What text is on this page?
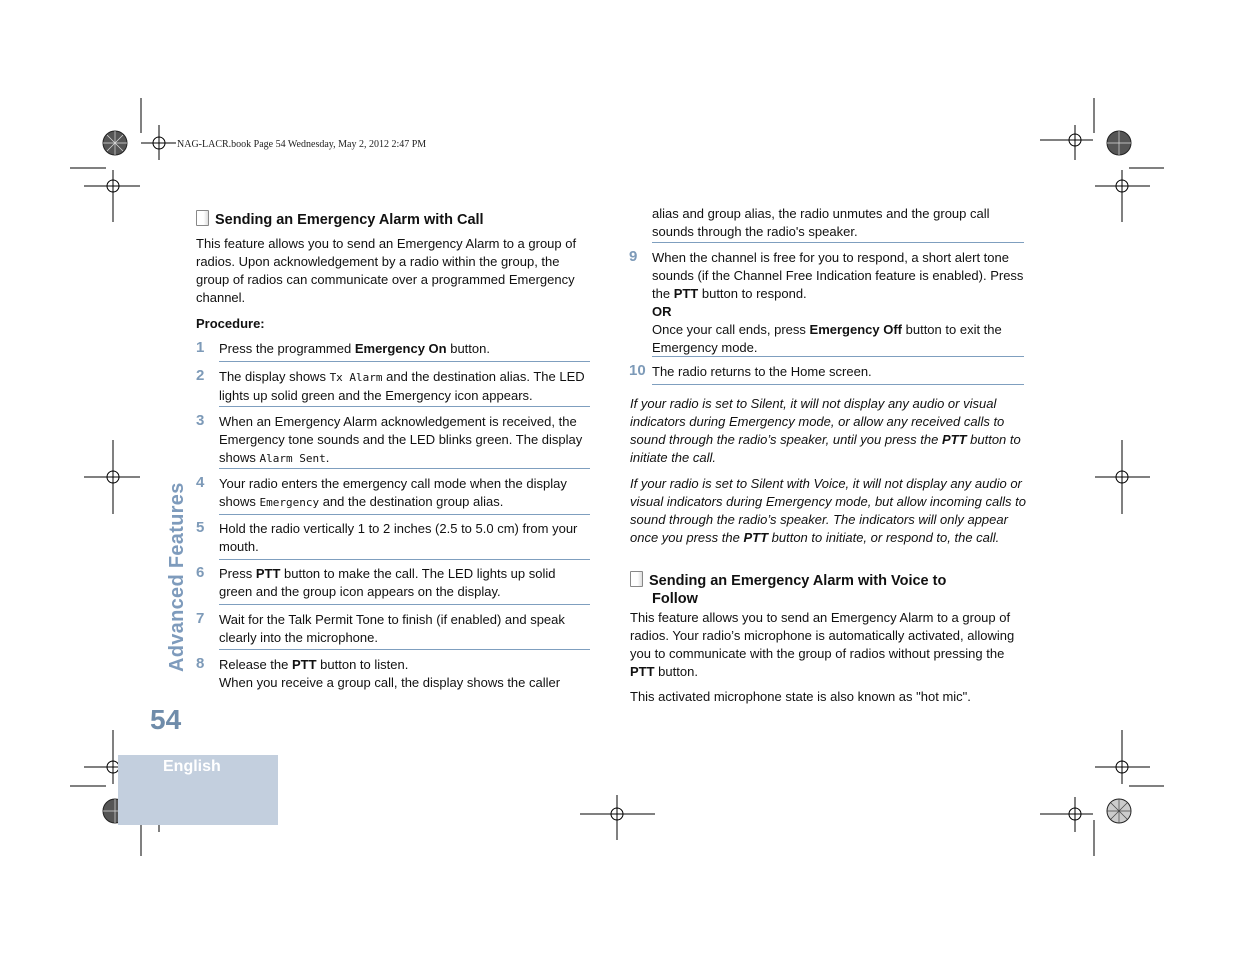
NAG-LACR.book Page 54 Wednesday, May 2, 2012 2:47 PM
Advanced Features
54
English
Sending an Emergency Alarm with Call
This feature allows you to send an Emergency Alarm to a group of radios. Upon acknowledgement by a radio within the group, the group of radios can communicate over a programmed Emergency channel.
Procedure:
1 Press the programmed Emergency On button.
2 The display shows Tx Alarm and the destination alias. The LED lights up solid green and the Emergency icon appears.
3 When an Emergency Alarm acknowledgement is received, the Emergency tone sounds and the LED blinks green. The display shows Alarm Sent.
4 Your radio enters the emergency call mode when the display shows Emergency and the destination group alias.
5 Hold the radio vertically 1 to 2 inches (2.5 to 5.0 cm) from your mouth.
6 Press PTT button to make the call. The LED lights up solid green and the group icon appears on the display.
7 Wait for the Talk Permit Tone to finish (if enabled) and speak clearly into the microphone.
8 Release the PTT button to listen.
When you receive a group call, the display shows the caller
alias and group alias, the radio unmutes and the group call sounds through the radio's speaker.
9 When the channel is free for you to respond, a short alert tone sounds (if the Channel Free Indication feature is enabled). Press the PTT button to respond.
OR
Once your call ends, press Emergency Off button to exit the Emergency mode.
10 The radio returns to the Home screen.
If your radio is set to Silent, it will not display any audio or visual indicators during Emergency mode, or allow any received calls to sound through the radio’s speaker, until you press the PTT button to initiate the call.
If your radio is set to Silent with Voice, it will not display any audio or visual indicators during Emergency mode, but allow incoming calls to sound through the radio’s speaker. The indicators will only appear once you press the PTT button to initiate, or respond to, the call.
Sending an Emergency Alarm with Voice to
Follow
This feature allows you to send an Emergency Alarm to a group of radios. Your radio’s microphone is automatically activated, allowing you to communicate with the group of radios without pressing the PTT button.
This activated microphone state is also known as "hot mic".
